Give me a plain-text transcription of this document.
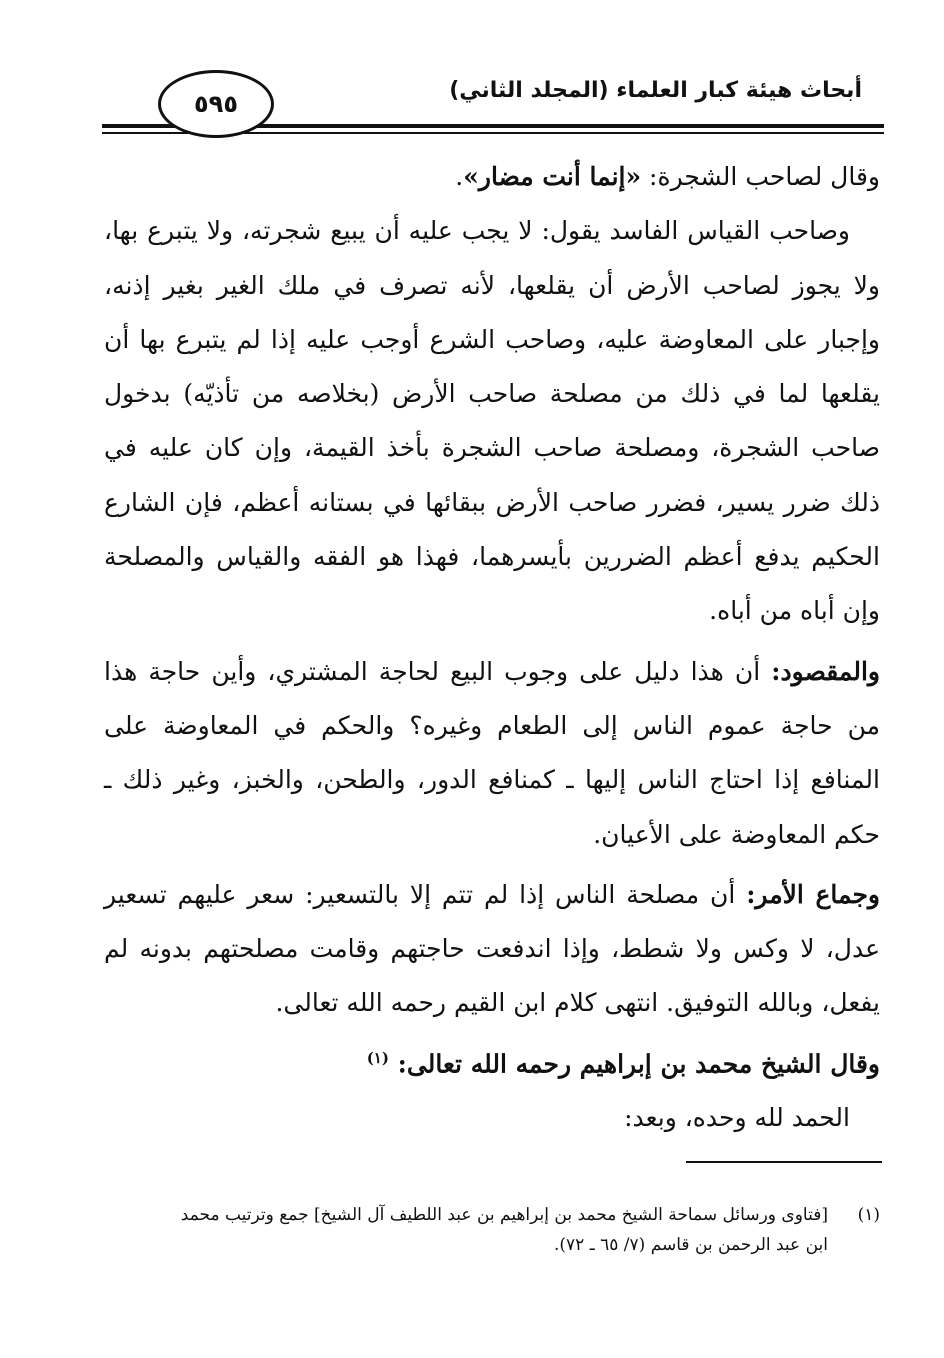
٥٩٥	أبحاث هيئة كبار العلماء (المجلد الثاني)

وقال لصاحب الشجرة: «إنما أنت مضار».

وصاحب القياس الفاسد يقول: لا يجب عليه أن يبيع شجرته، ولا يتبرع بها، ولا يجوز لصاحب الأرض أن يقلعها، لأنه تصرف في ملك الغير بغير إذنه، وإجبار على المعاوضة عليه، وصاحب الشرع أوجب عليه إذا لم يتبرع بها أن يقلعها لما في ذلك من مصلحة صاحب الأرض (بخلاصه من تأذيّه) بدخول صاحب الشجرة، ومصلحة صاحب الشجرة بأخذ القيمة، وإن كان عليه في ذلك ضرر يسير، فضرر صاحب الأرض ببقائها في بستانه أعظم، فإن الشارع الحكيم يدفع أعظم الضررين بأيسرهما، فهذا هو الفقه والقياس والمصلحة وإن أباه من أباه.

والمقصود: أن هذا دليل على وجوب البيع لحاجة المشتري، وأين حاجة هذا من حاجة عموم الناس إلى الطعام وغيره؟ والحكم في المعاوضة على المنافع إذا احتاج الناس إليها ـ كمنافع الدور، والطحن، والخبز، وغير ذلك ـ حكم المعاوضة على الأعيان.

وجماع الأمر: أن مصلحة الناس إذا لم تتم إلا بالتسعير: سعر عليهم تسعير عدل، لا وكس ولا شطط، وإذا اندفعت حاجتهم وقامت مصلحتهم بدونه لم يفعل، وبالله التوفيق. انتهى كلام ابن القيم رحمه الله تعالى.

وقال الشيخ محمد بن إبراهيم رحمه الله تعالى: $^{(١)}$

الحمد لله وحده، وبعد:

(١)[فتاوى ورسائل سماحة الشيخ محمد بن إبراهيم بن عبد اللطيف آل الشيخ] جمع وترتيب محمد
ابن عبد الرحمن بن قاسم (٧/ ٦٥ ـ ٧٢).
